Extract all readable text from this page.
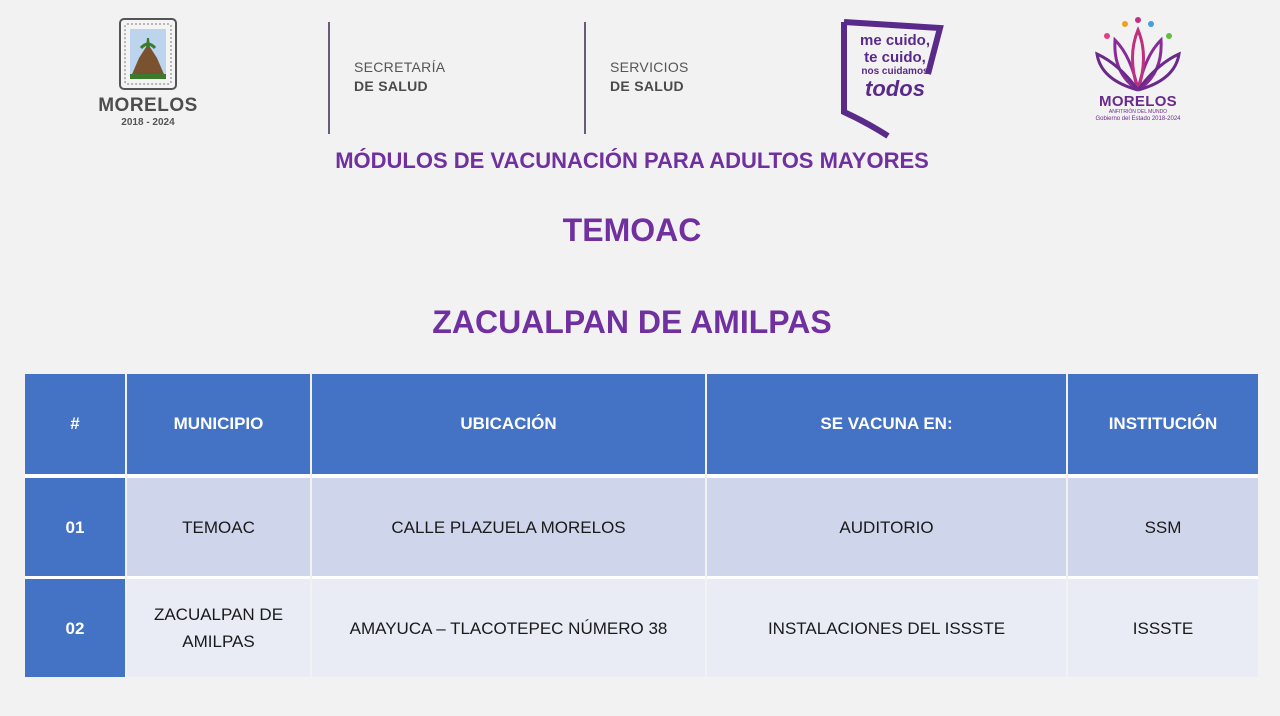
MORELOS
2018 - 2024
SECRETARÍA
DE SALUD
SERVICIOS
DE SALUD
me cuido,
te cuido,
nos cuidamos
todos
MORELOS
ANFITRIÓN DEL MUNDO
Gobierno del Estado 2018-2024
MÓDULOS DE VACUNACIÓN PARA ADULTOS MAYORES
TEMOAC
ZACUALPAN DE AMILPAS
#	MUNICIPIO	UBICACIÓN	SE VACUNA EN:	INSTITUCIÓN
01	TEMOAC	CALLE PLAZUELA MORELOS	AUDITORIO	SSM
02	ZACUALPAN DE AMILPAS	AMAYUCA – TLACOTEPEC NÚMERO 38	INSTALACIONES DEL ISSSTE	ISSSTE
